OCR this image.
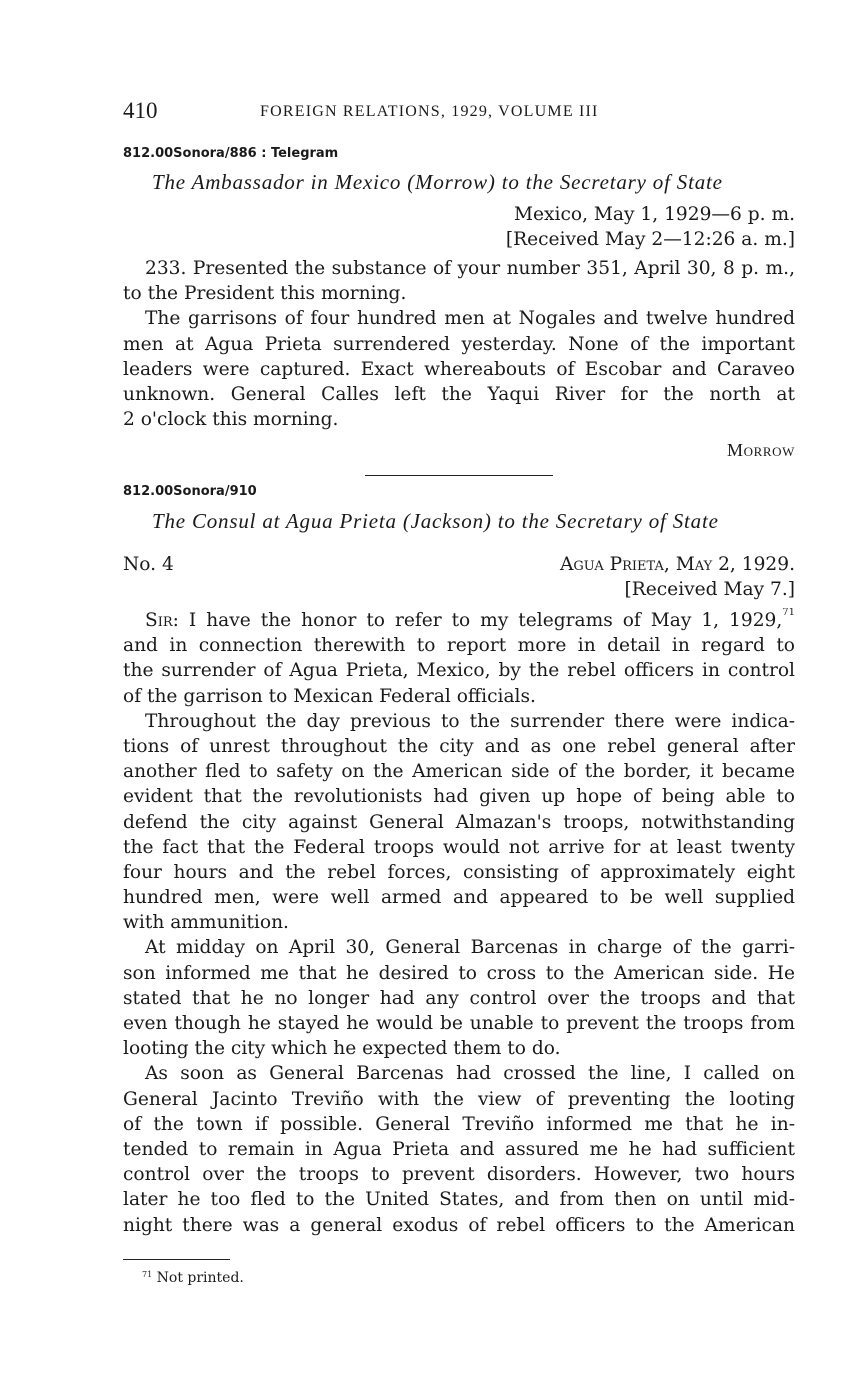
410	FOREIGN RELATIONS, 1929, VOLUME III
812.00Sonora/886 : Telegram
The Ambassador in Mexico (Morrow) to the Secretary of State
Mexico, May 1, 1929—6 p. m.
[Received May 2—12:26 a. m.]
233. Presented the substance of your number 351, April 30, 8 p. m.,
to the President this morning.
The garrisons of four hundred men at Nogales and twelve hundred
men at Agua Prieta surrendered yesterday. None of the important
leaders were captured. Exact whereabouts of Escobar and Caraveo
unknown. General Calles left the Yaqui River for the north at
2 o'clock this morning.
Morrow
812.00Sonora/910
The Consul at Agua Prieta (Jackson) to the Secretary of State
No. 4	Agua Prieta, May 2, 1929.
[Received May 7.]
Sir: I have the honor to refer to my telegrams of May 1, 1929,71
and in connection therewith to report more in detail in regard to
the surrender of Agua Prieta, Mexico, by the rebel officers in control
of the garrison to Mexican Federal officials.
Throughout the day previous to the surrender there were indica-
tions of unrest throughout the city and as one rebel general after
another fled to safety on the American side of the border, it became
evident that the revolutionists had given up hope of being able to
defend the city against General Almazan's troops, notwithstanding
the fact that the Federal troops would not arrive for at least twenty
four hours and the rebel forces, consisting of approximately eight
hundred men, were well armed and appeared to be well supplied
with ammunition.
At midday on April 30, General Barcenas in charge of the garri-
son informed me that he desired to cross to the American side. He
stated that he no longer had any control over the troops and that
even though he stayed he would be unable to prevent the troops from
looting the city which he expected them to do.
As soon as General Barcenas had crossed the line, I called on
General Jacinto Treviño with the view of preventing the looting
of the town if possible. General Treviño informed me that he in-
tended to remain in Agua Prieta and assured me he had sufficient
control over the troops to prevent disorders. However, two hours
later he too fled to the United States, and from then on until mid-
night there was a general exodus of rebel officers to the American
$^{71}$ Not printed.
